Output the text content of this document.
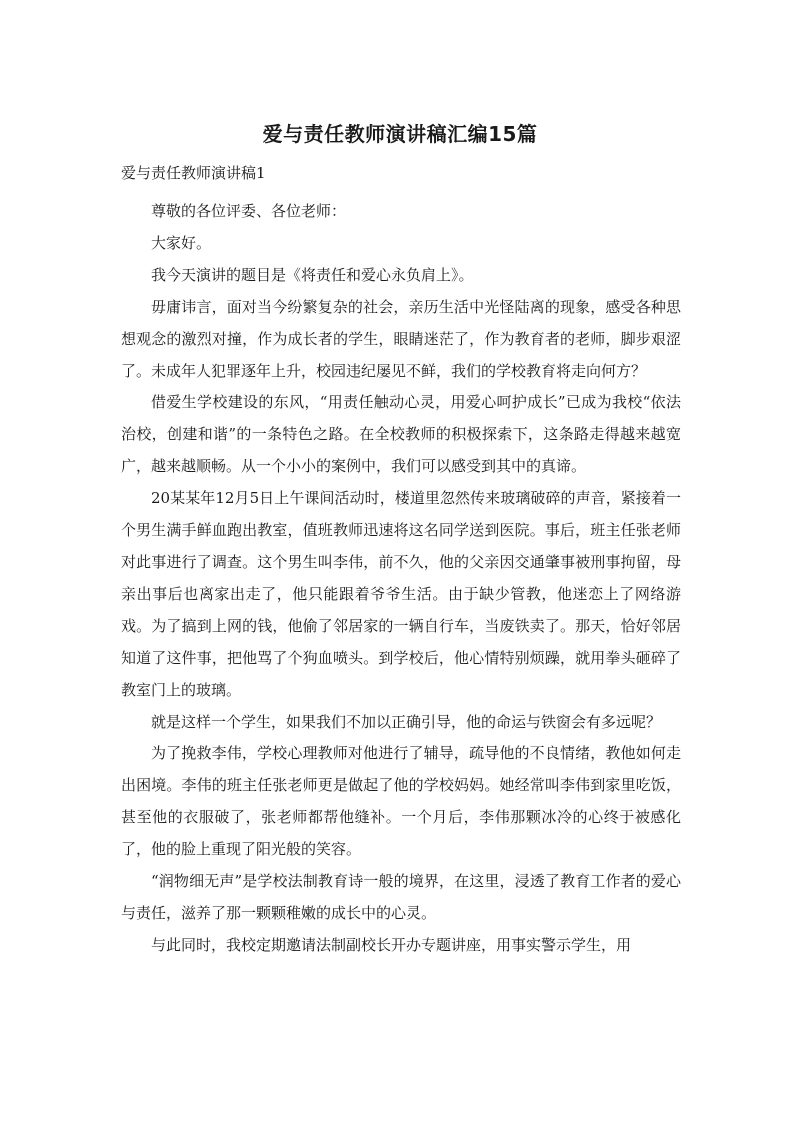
爱与责任教师演讲稿汇编15篇
爱与责任教师演讲稿1

尊敬的各位评委、各位老师：

大家好。

我今天演讲的题目是《将责任和爱心永负肩上》。

毋庸讳言，面对当今纷繁复杂的社会，亲历生活中光怪陆离的现象，感受各种思想观念的激烈对撞，作为成长者的学生，眼睛迷茫了，作为教育者的老师，脚步艰涩了。未成年人犯罪逐年上升，校园违纪屡见不鲜，我们的学校教育将走向何方？

借爱生学校建设的东风，“用责任触动心灵，用爱心呵护成长”已成为我校“依法治校，创建和谐”的一条特色之路。在全校教师的积极探索下，这条路走得越来越宽广，越来越顺畅。从一个小小的案例中，我们可以感受到其中的真谛。

20某某年12月5日上午课间活动时，楼道里忽然传来玻璃破碎的声音，紧接着一个男生满手鲜血跑出教室，值班教师迅速将这名同学送到医院。事后，班主任张老师对此事进行了调查。这个男生叫李伟，前不久，他的父亲因交通肇事被刑事拘留，母亲出事后也离家出走了，他只能跟着爷爷生活。由于缺少管教，他迷恋上了网络游戏。为了搞到上网的钱，他偷了邻居家的一辆自行车，当废铁卖了。那天，恰好邻居知道了这件事，把他骂了个狗血喷头。到学校后，他心情特别烦躁，就用拳头砸碎了教室门上的玻璃。

就是这样一个学生，如果我们不加以正确引导，他的命运与铁窗会有多远呢？

为了挽救李伟，学校心理教师对他进行了辅导，疏导他的不良情绪，教他如何走出困境。李伟的班主任张老师更是做起了他的学校妈妈。她经常叫李伟到家里吃饭，甚至他的衣服破了，张老师都帮他缝补。一个月后，李伟那颗冰冷的心终于被感化了，他的脸上重现了阳光般的笑容。

“润物细无声”是学校法制教育诗一般的境界，在这里，浸透了教育工作者的爱心与责任，滋养了那一颗颗稚嫩的成长中的心灵。

与此同时，我校定期邀请法制副校长开办专题讲座，用事实警示学生，用
